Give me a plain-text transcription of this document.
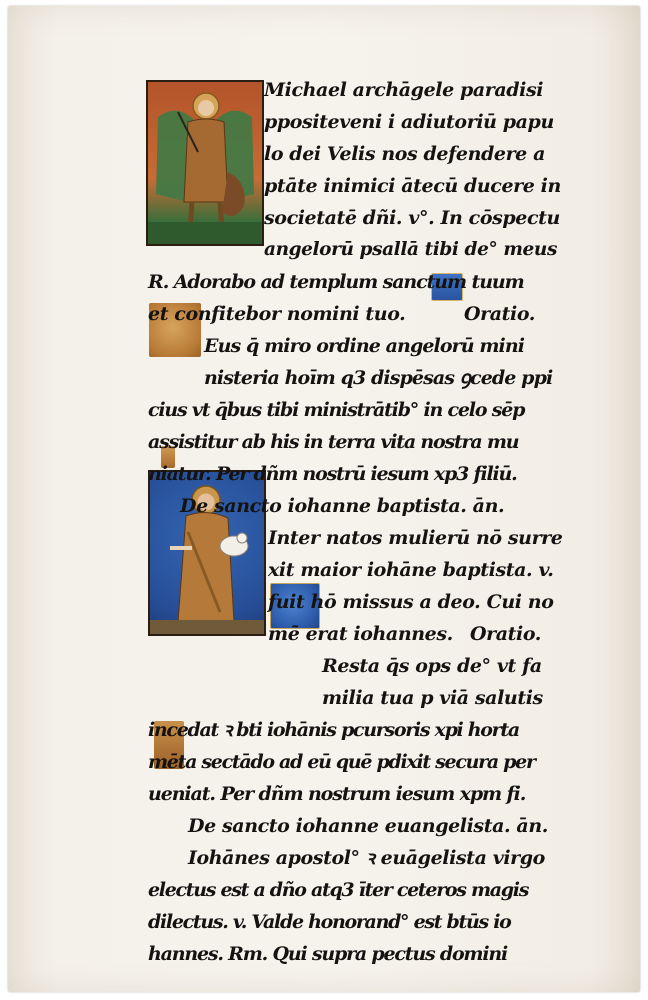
Michael archāgele paradisi
ppositeveni i adiutoriū papu
lo dei Velis nos defendere a
ptāte inimici ātecū ducere in
societatē dñi. v°. In cōspectu
angelorū psallā tibi de° meus
R. Adorabo ad templum sanctum tuum
et confitebor nomini tuo.	Oratio.
Eus q̄ miro ordine angelorū mini
nisteria hoīm q3 dispēsas ꝯcede ppi
cius vt q̄bus tibi ministrātib° in celo sēp
assistitur ab his in terra vita nostra mu
niatur. Per dñm nostrū iesum xp3 filiū.
De sancto iohanne baptista. ān.
Inter natos mulierū nō surre
xit maior iohāne baptista. v.
fuit hō missus a deo. Cui no
mē erat iohannes. Oratio.
Resta q̄s ops de° vt fa
milia tua p viā salutis
incedat ꝛ bti iohānis pcursoris xpi horta
mēta sectādo ad eū quē pdixit secura per
ueniat. Per dñm nostrum iesum xpm fi.
De sancto iohanne euangelista. ān.
Iohānes apostol° ꝛ euāgelista virgo
electus est a dño atq3 īter ceteros magis
dilectus. v. Valde honorand° est btūs io
hannes. Rm. Qui supra pectus domini
